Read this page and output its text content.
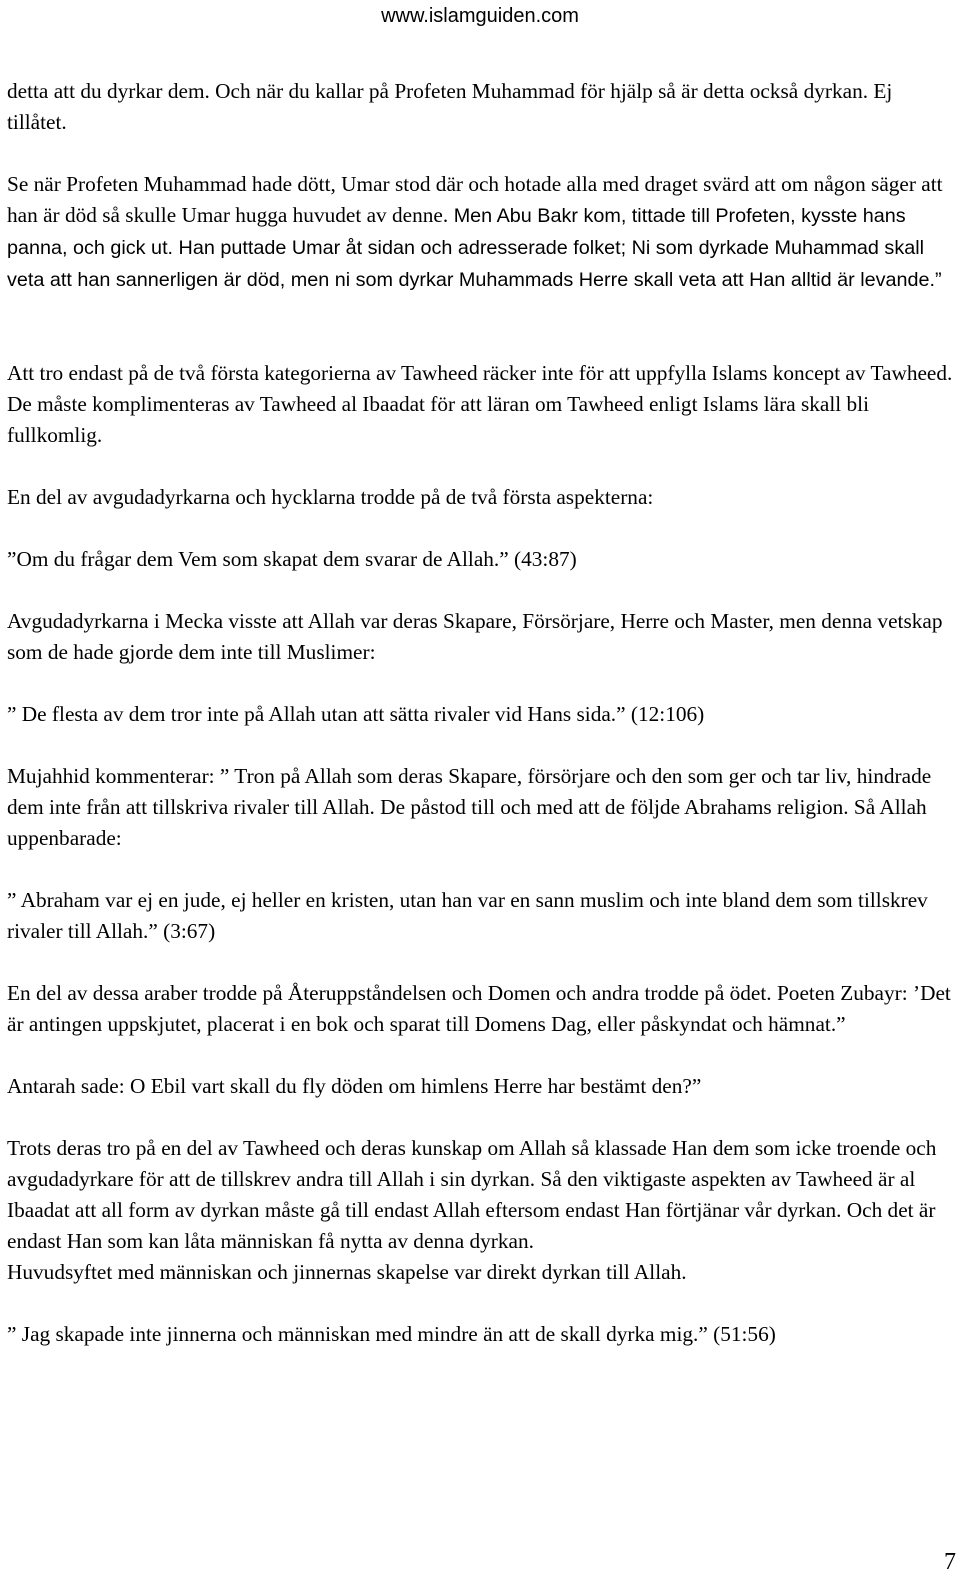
www.islamguiden.com

detta att du dyrkar dem. Och när du kallar på Profeten Muhammad för hjälp så är detta också dyrkan. Ej tillåtet.

Se när Profeten Muhammad hade dött, Umar stod där och hotade alla med draget svärd att om någon säger att han är död så skulle Umar hugga huvudet av denne. Men Abu Bakr kom, tittade till Profeten, kysste hans panna, och gick ut. Han puttade Umar åt sidan och adresserade folket; Ni som dyrkade Muhammad skall veta att han sannerligen är död, men ni som dyrkar Muhammads Herre skall veta att Han alltid är levande.”

Att tro endast på de två första kategorierna av Tawheed räcker inte för att uppfylla Islams koncept av Tawheed. De måste komplimenteras av Tawheed al Ibaadat för att läran om Tawheed enligt Islams lära skall bli fullkomlig.

En del av avgudadyrkarna och hycklarna trodde på de två första aspekterna:

”Om du frågar dem Vem som skapat dem svarar de Allah.” (43:87)

Avgudadyrkarna i Mecka visste att Allah var deras Skapare, Försörjare, Herre och Master, men denna vetskap som de hade gjorde dem inte till Muslimer:

” De flesta av dem tror inte på Allah utan att sätta rivaler vid Hans sida.” (12:106)

Mujahhid kommenterar: ” Tron på Allah som deras Skapare, försörjare och den som ger och tar liv, hindrade dem inte från att tillskriva rivaler till Allah. De påstod till och med att de följde Abrahams religion. Så Allah uppenbarade:

” Abraham var ej en jude, ej heller en kristen, utan han var en sann muslim och inte bland dem som tillskrev rivaler till Allah.” (3:67)

En del av dessa araber trodde på Återuppståndelsen och Domen och andra trodde på ödet. Poeten Zubayr: ’Det är antingen uppskjutet, placerat i en bok och sparat till Domens Dag, eller påskyndat och hämnat.”

Antarah sade: O Ebil vart skall du fly döden om himlens Herre har bestämt den?”

Trots deras tro på en del av Tawheed och deras kunskap om Allah så klassade Han dem som icke troende och avgudadyrkare för att de tillskrev andra till Allah i sin dyrkan. Så den viktigaste aspekten av Tawheed är al Ibaadat att all form av dyrkan måste gå till endast Allah eftersom endast Han förtjänar vår dyrkan. Och det är endast Han som kan låta människan få nytta av denna dyrkan.

Huvudsyftet med människan och jinnernas skapelse var direkt dyrkan till Allah.

” Jag skapade inte jinnerna och människan med mindre än att de skall dyrka mig.” (51:56)

7
